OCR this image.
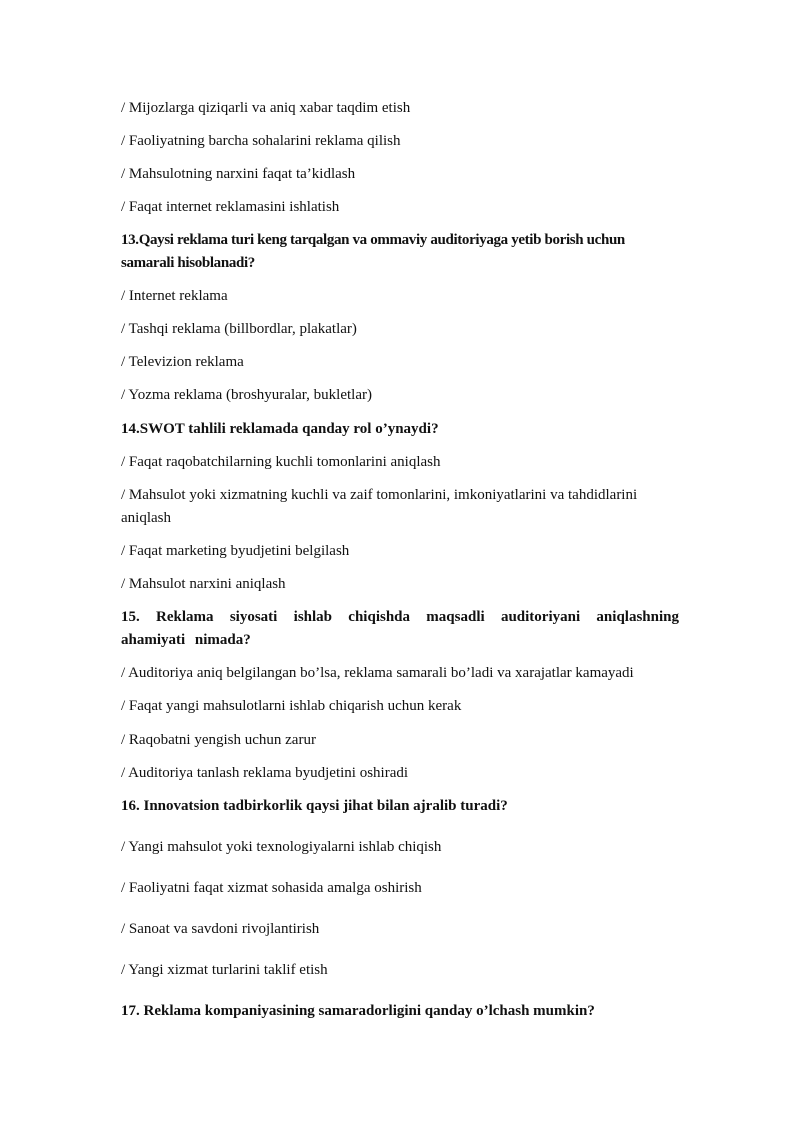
/ Mijozlarga qiziqarli va aniq xabar taqdim etish

/ Faoliyatning barcha sohalarini reklama qilish

/ Mahsulotning narxini faqat ta’kidlash

/ Faqat internet reklamasini ishlatish

13.Qaysi reklama turi keng tarqalgan va ommaviy auditoriyaga yetib borish uchun samarali hisoblanadi?

/ Internet reklama

/ Tashqi reklama (billbordlar, plakatlar)

/ Televizion reklama

/ Yozma reklama (broshyuralar, bukletlar)

14.SWOT tahlili reklamada qanday rol o’ynaydi?

/ Faqat raqobatchilarning kuchli tomonlarini aniqlash

/ Mahsulot yoki xizmatning kuchli va zaif tomonlarini, imkoniyatlarini va tahdidlarini aniqlash

/ Faqat marketing byudjetini belgilash

/ Mahsulot narxini aniqlash

15. Reklama siyosati ishlab chiqishda maqsadli auditoriyani aniqlashning ahamiyati nimada?

/ Auditoriya aniq belgilangan bo’lsa, reklama samarali bo’ladi va xarajatlar kamayadi

/ Faqat yangi mahsulotlarni ishlab chiqarish uchun kerak

/ Raqobatni yengish uchun zarur

/ Auditoriya tanlash reklama byudjetini oshiradi

16. Innovatsion tadbirkorlik qaysi jihat bilan ajralib turadi?

/ Yangi mahsulot yoki texnologiyalarni ishlab chiqish

/ Faoliyatni faqat xizmat sohasida amalga oshirish

/ Sanoat va savdoni rivojlantirish

/ Yangi xizmat turlarini taklif etish

17. Reklama kompaniyasining samaradorligini qanday o’lchash mumkin?
